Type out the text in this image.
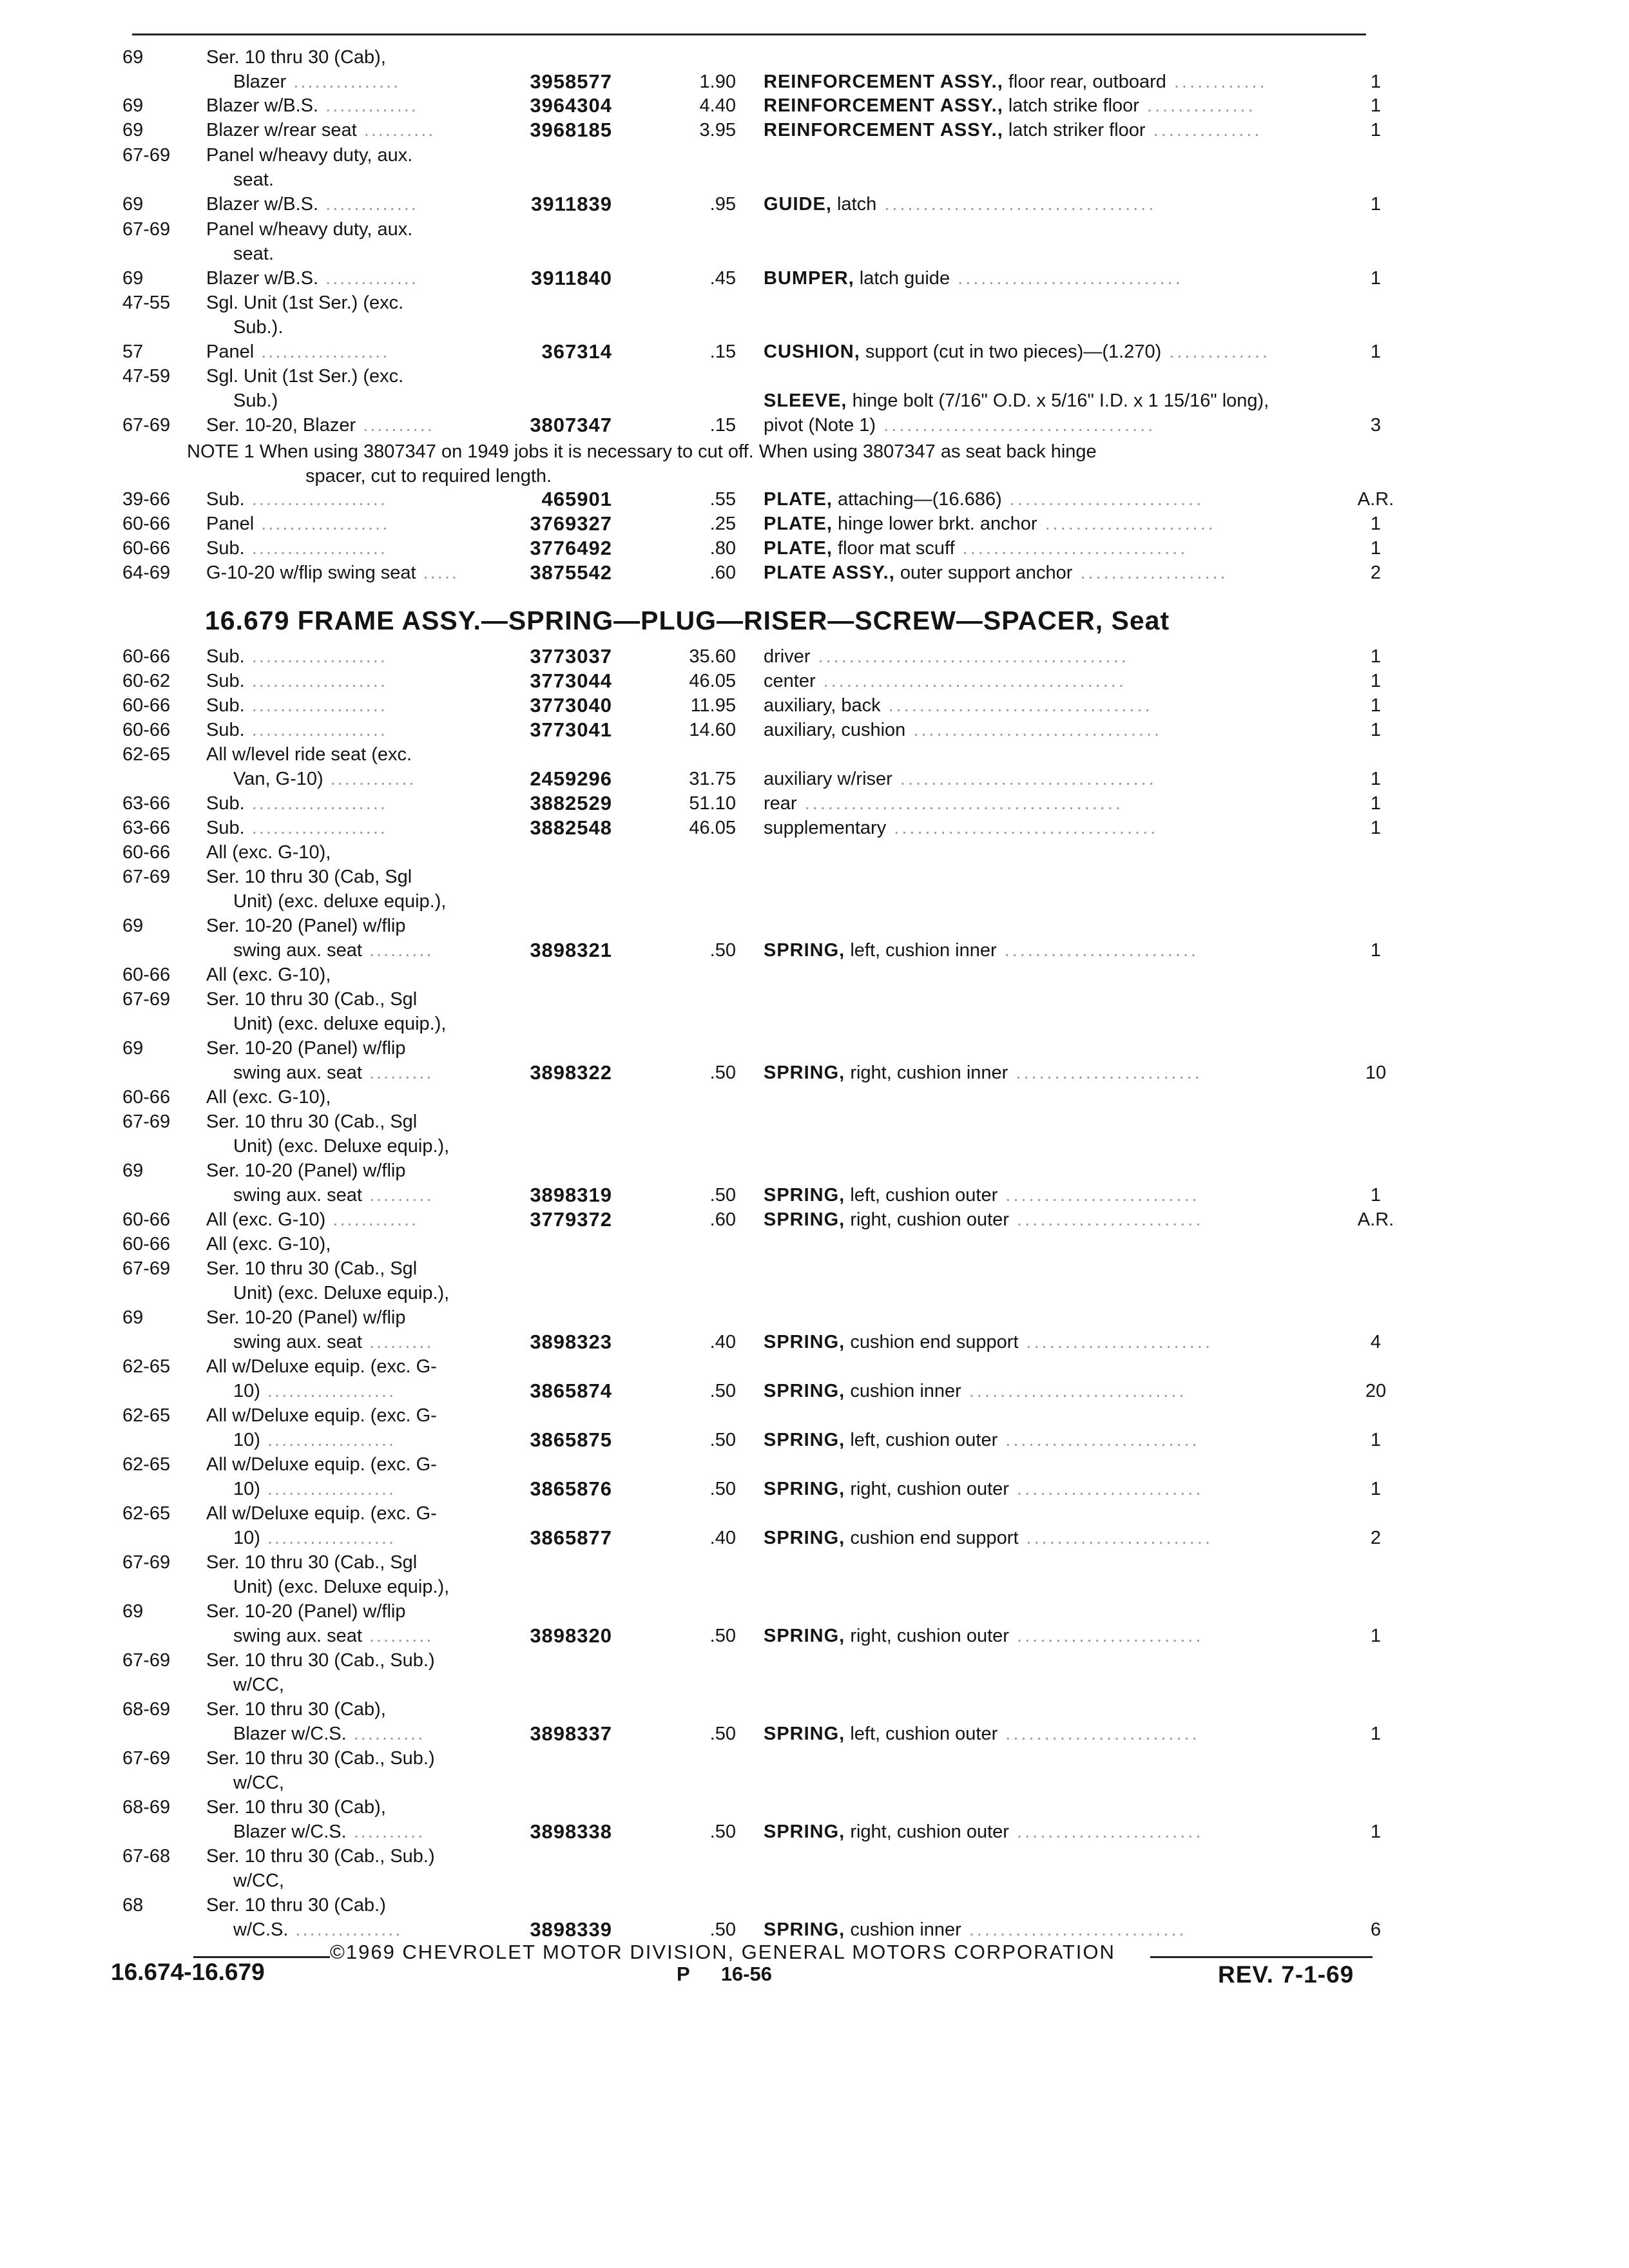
NOTE 1 When using 3807347 on 1949 jobs it is necessary to cut off. When using 3807347 as seat back hinge
spacer, cut to required length.
16.679 FRAME ASSY.—SPRING—PLUG—RISER—SCREW—SPACER, Seat
69	Ser. 10 thru 30 (Cab),
Blazer ...............	3958577	1.90 REINFORCEMENT ASSY., floor rear, outboard ............	1
69	Blazer w/B.S. .............	3964304	4.40 REINFORCEMENT ASSY., latch strike floor ..............	1
69	Blazer w/rear seat ..........	3968185	3.95 REINFORCEMENT ASSY., latch striker floor ..............	1
67-69 Panel w/heavy duty, aux.
seat.
69	Blazer w/B.S. .............	3911839	.95 GUIDE, latch ...................................	1
67-69 Panel w/heavy duty, aux.
seat.
69	Blazer w/B.S. .............	3911840	.45 BUMPER, latch guide .............................	1
47-55 Sgl. Unit (1st Ser.) (exc.
Sub.).
57	Panel ..................	367314	.15 CUSHION, support (cut in two pieces)—(1.270) .............	1
47-59 Sgl. Unit (1st Ser.) (exc.
Sub.)	SLEEVE, hinge bolt (7/16" O.D. x 5/16" I.D. x 1 15/16" long),
67-69 Ser. 10-20, Blazer ..........	3807347	.15 pivot (Note 1) ...................................	3
39-66 Sub. ...................	465901	.55 PLATE, attaching—(16.686) .........................	A.R.
60-66 Panel ..................	3769327	.25 PLATE, hinge lower brkt. anchor ......................	1
60-66 Sub. ...................	3776492	.80 PLATE, floor mat scuff .............................	1
64-69 G-10-20 w/flip swing seat .....	3875542	.60 PLATE ASSY., outer support anchor ...................	2
60-66 Sub. ...................	3773037	35.60 driver ........................................	1
60-62 Sub. ...................	3773044	46.05 center .......................................	1
60-66 Sub. ...................	3773040	11.95 auxiliary, back ..................................	1
60-66 Sub. ...................	3773041	14.60 auxiliary, cushion ................................	1
62-65 All w/level ride seat (exc.
Van, G-10) ............	2459296	31.75 auxiliary w/riser .................................	1
63-66 Sub. ...................	3882529	51.10 rear .........................................	1
63-66 Sub. ...................	3882548	46.05 supplementary ..................................	1
60-66 All (exc. G-10),
67-69 Ser. 10 thru 30 (Cab, Sgl
Unit) (exc. deluxe equip.),
69	Ser. 10-20 (Panel) w/flip
swing aux. seat .........	3898321	.50 SPRING, left, cushion inner .........................	1
60-66 All (exc. G-10),
67-69 Ser. 10 thru 30 (Cab., Sgl
Unit) (exc. deluxe equip.),
69	Ser. 10-20 (Panel) w/flip
swing aux. seat .........	3898322	.50 SPRING, right, cushion inner ........................	10
60-66 All (exc. G-10),
67-69 Ser. 10 thru 30 (Cab., Sgl
Unit) (exc. Deluxe equip.),
69	Ser. 10-20 (Panel) w/flip
swing aux. seat .........	3898319	.50 SPRING, left, cushion outer .........................	1
60-66 All (exc. G-10) ............	3779372	.60 SPRING, right, cushion outer ........................	A.R.
60-66 All (exc. G-10),
67-69 Ser. 10 thru 30 (Cab., Sgl
Unit) (exc. Deluxe equip.),
69	Ser. 10-20 (Panel) w/flip
swing aux. seat .........	3898323	.40 SPRING, cushion end support ........................	4
62-65 All w/Deluxe equip. (exc. G-
10) ..................	3865874	.50 SPRING, cushion inner ............................	20
62-65 All w/Deluxe equip. (exc. G-
10) ..................	3865875	.50 SPRING, left, cushion outer .........................	1
62-65 All w/Deluxe equip. (exc. G-
10) ..................	3865876	.50 SPRING, right, cushion outer ........................	1
62-65 All w/Deluxe equip. (exc. G-
10) ..................	3865877	.40 SPRING, cushion end support ........................	2
67-69 Ser. 10 thru 30 (Cab., Sgl
Unit) (exc. Deluxe equip.),
69	Ser. 10-20 (Panel) w/flip
swing aux. seat .........	3898320	.50 SPRING, right, cushion outer ........................	1
67-69 Ser. 10 thru 30 (Cab., Sub.)
w/CC,
68-69 Ser. 10 thru 30 (Cab),
Blazer w/C.S. ..........	3898337	.50 SPRING, left, cushion outer .........................	1
67-69 Ser. 10 thru 30 (Cab., Sub.)
w/CC,
68-69 Ser. 10 thru 30 (Cab),
Blazer w/C.S. ..........	3898338	.50 SPRING, right, cushion outer ........................	1
67-68 Ser. 10 thru 30 (Cab., Sub.)
w/CC,
68	Ser. 10 thru 30 (Cab.)
w/C.S. ...............	3898339	.50 SPRING, cushion inner ............................	6
©1969 CHEVROLET MOTOR DIVISION, GENERAL MOTORS CORPORATION
16.674-16.679	P 16-56	REV. 7-1-69
